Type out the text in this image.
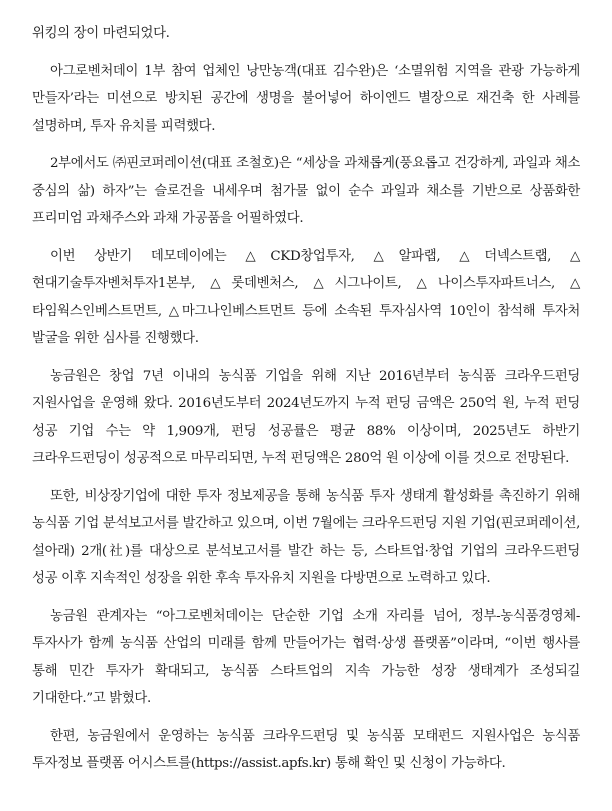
위킹의 장이 마련되었다.

아그로벤처데이 1부 참여 업체인 낭만농객(대표 김수완)은 ‘소멸위험 지역을 관광 가능하게 만들자’라는 미션으로 방치된 공간에 생명을 불어넣어 하이엔드 별장으로 재건축 한 사례를 설명하며, 투자 유치를 피력했다.

2부에서도 ㈜핀코퍼레이션(대표 조철호)은 “세상을 과채롭게(풍요롭고 건강하게, 과일과 채소 중심의 삶) 하자”는 슬로건을 내세우며 첨가물 없이 순수 과일과 채소를 기반으로 상품화한 프리미엄 과채주스와 과채 가공품을 어필하였다.

이번 상반기 데모데이에는 △CKD창업투자, △알파랩, △더넥스트랩, △현대기술투자벤처투자1본부, △롯데벤처스, △시그나이트, △나이스투자파트너스, △타임웍스인베스트먼트, △마그나인베스트먼트 등에 소속된 투자심사역 10인이 참석해 투자처 발굴을 위한 심사를 진행했다.

농금원은 창업 7년 이내의 농식품 기업을 위해 지난 2016년부터 농식품 크라우드펀딩 지원사업을 운영해 왔다. 2016년도부터 2024년도까지 누적 펀딩 금액은 250억 원, 누적 펀딩 성공 기업 수는 약 1,909개, 펀딩 성공률은 평균 88% 이상이며, 2025년도 하반기 크라우드펀딩이 성공적으로 마무리되면, 누적 펀딩액은 280억 원 이상에 이를 것으로 전망된다.

또한, 비상장기업에 대한 투자 정보제공을 통해 농식품 투자 생태계 활성화를 촉진하기 위해 농식품 기업 분석보고서를 발간하고 있으며, 이번 7월에는 크라우드펀딩 지원 기업(핀코퍼레이션, 설아래) 2개(社)를 대상으로 분석보고서를 발간 하는 등, 스타트업·창업 기업의 크라우드펀딩 성공 이후 지속적인 성장을 위한 후속 투자유치 지원을 다방면으로 노력하고 있다.

농금원 관계자는 “아그로벤처데이는 단순한 기업 소개 자리를 넘어, 정부-농식품경영체-투자사가 함께 농식품 산업의 미래를 함께 만들어가는 협력·상생 플랫폼”이라며, “이번 행사를 통해 민간 투자가 확대되고, 농식품 스타트업의 지속 가능한 성장 생태계가 조성되길 기대한다.”고 밝혔다.

한편, 농금원에서 운영하는 농식품 크라우드펀딩 및 농식품 모태펀드 지원사업은 농식품 투자정보 플랫폼 어시스트를(https://assist.apfs.kr) 통해 확인 및 신청이 가능하다.
